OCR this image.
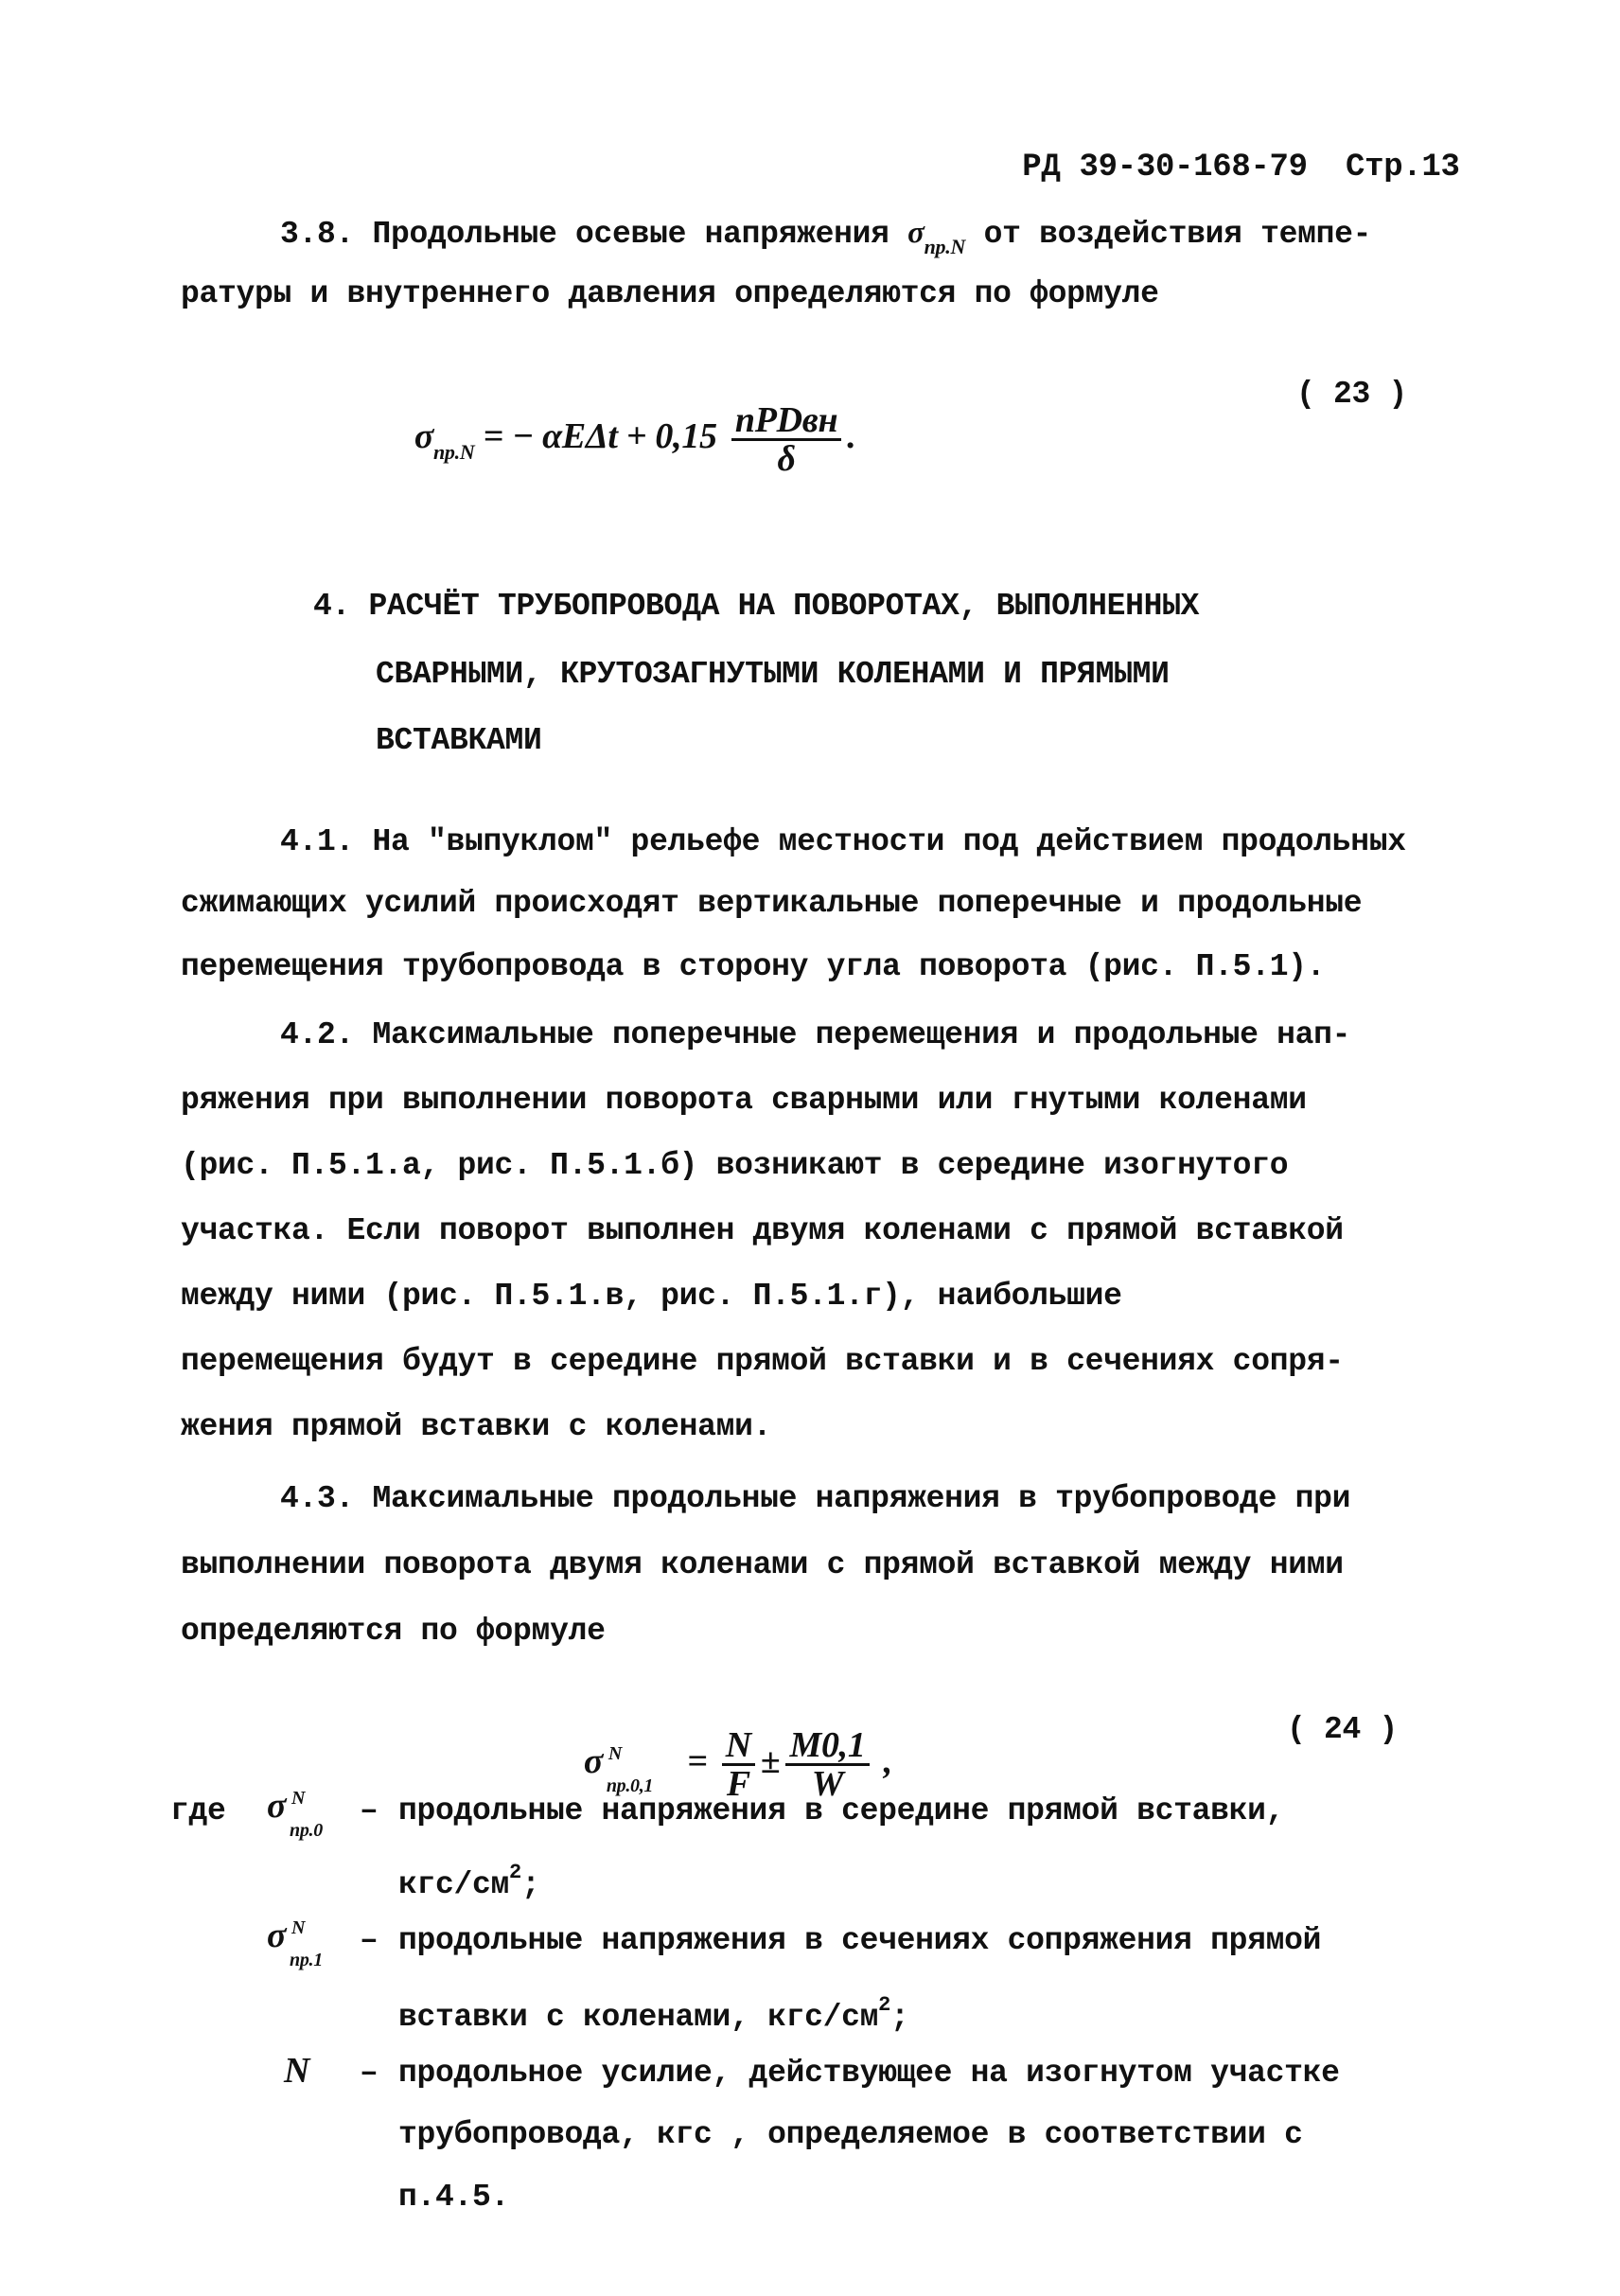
РД 39-30-168-79 Стр.13

3.8. Продольные осевые напряжения $\sigma_{пр.N}$ от воздействия темпе-
ратуры и внутреннего давления определяются по формуле

$\sigma_{пр.N}$ = − $\alpha E\Delta t + 0,15 \frac{\text{nPDвн}}{\delta}$ .

( 23 )
4. РАСЧЁТ ТРУБОПРОВОДА НА ПОВОРОТАХ, ВЫПОЛНЕННЫХ
СВАРНЫМИ, КРУТОЗАГНУТЫМИ КОЛЕНАМИ И ПРЯМЫМИ
ВСТАВКАМИ
4.1. На "выпуклом" рельефе местности под действием продольных
сжимающих усилий происходят вертикальные поперечные и продольные
перемещения трубопровода в сторону угла поворота (рис. П.5.1).
4.2. Максимальные поперечные перемещения и продольные нап-
ряжения при выполнении поворота сварными или гнутыми коленами
(рис. П.5.1.а, рис. П.5.1.б) возникают в середине изогнутого
участка. Если поворот выполнен двумя коленами с прямой вставкой
между ними (рис. П.5.1.в, рис. П.5.1.г), наибольшие
перемещения будут в середине прямой вставки и в сечениях сопря-
жения прямой вставки с коленами.
4.3. Максимальные продольные напряжения в трубопроводе при
выполнении поворота двумя коленами с прямой вставкой между ними
определяются по формуле

σ N
пр.0,1
= $\frac{N}{F} \pm \frac{M0,1}{W}$ ,

( 24 )
где σ N
пр.0
– продольные напряжения в середине прямой вставки,
кгс/$см^2$;
σ N
пр.1
– продольные напряжения в сечениях сопряжения прямой
вставки с коленами, кгс/$см^2$;
N – продольное усилие, действующее на изогнутом участке
трубопровода, кгс , определяемое в соответствии с
п.4.5.
